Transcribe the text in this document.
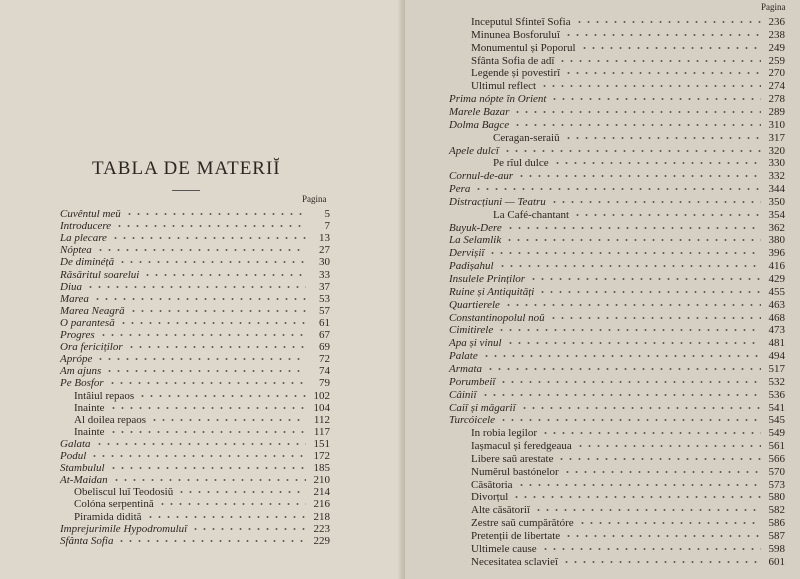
TABLA DE MATERIĬ
Pagina
Cuvêntul meŭ	5
Introducere	7
La plecare	13
Nóptea	27
De diminéță	30
Răsăritul soarelui	33
Diua	37
Marea	53
Marea Neagră	57
O parantesă	61
Progres	67
Ora fericiților	69
Aprópe	72
Am ajuns	74
Pe Bosfor	79
Intâiul repaos	102
Inainte	104
Al doilea repaos	112
Inainte	117
Galata	151
Podul	172
Stambulul	185
At-Maidan	210
Obeliscul luĭ Teodosiŭ	214
Colóna serpentină	216
Piramida didită	218
Imprejurimile Hypodromuluĭ	223
Sfânta Sofia	229
Pagina
Inceputul Sfinteĭ Sofia	236
Minunea Bosforuluĭ	238
Monumentul și Poporul	249
Sfânta Sofia de adĭ	259
Legende și povestirĭ	270
Ultimul reflect	274
Prima nópte în Orient	278
Marele Bazar	289
Dolma Bagce	310
Ceragan-seraiŭ	317
Apele dulcĭ	320
Pe rîul dulce	330
Cornul-de-aur	332
Pera	344
Distracțiuni — Teatru	350
La Café-chantant	354
Buyuk-Dere	362
La Selamlik	380
Dervișiĭ	396
Padișahul	416
Insulele Prinților	429
Ruine și Antiquități	455
Quartierele	463
Constantinopolul noŭ	468
Cimitirele	473
Apa și vinul	481
Palate	494
Armata	517
Porumbeiĭ	532
Câiniĭ	536
Caiĭ și măgariĭ	541
Turcóicele	545
In robia legilor	549
Iașmacul și feredgeaua	561
Libere saŭ arestate	566
Numĕrul bastónelor	570
Căsătoria	573
Divorțul	580
Alte căsătoriĭ	582
Zestre saŭ cumpărătóre	586
Pretenții de libertate	587
Ultimele cause	598
Necesitatea sclavieĭ	601
